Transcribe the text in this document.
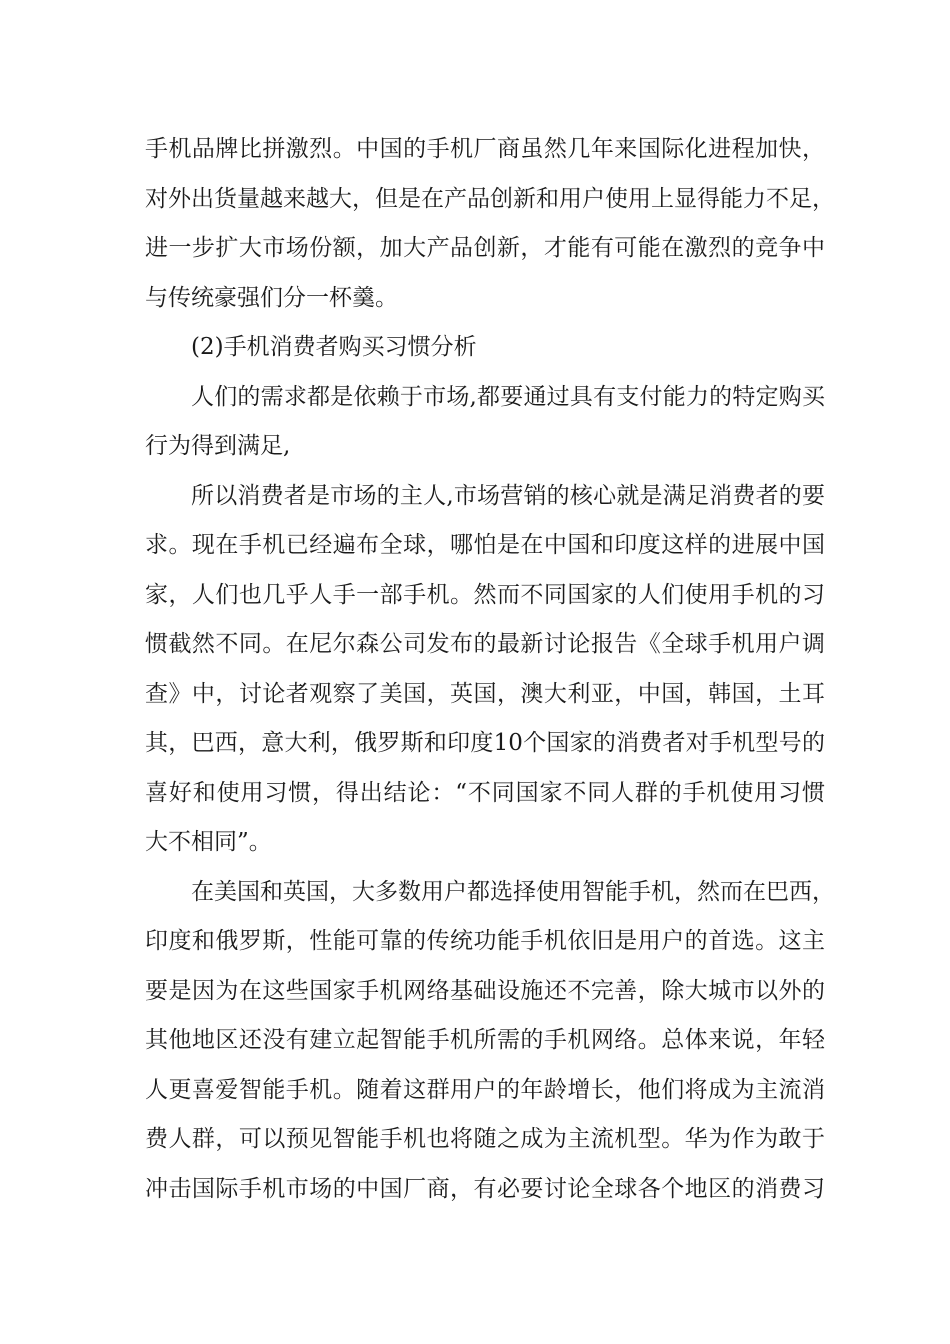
手机品牌比拼激烈。中国的手机厂商虽然几年来国际化进程加快，
对外出货量越来越大，但是在产品创新和用户使用上显得能力不足，
进一步扩大市场份额，加大产品创新，才能有可能在激烈的竞争中
与传统豪强们分一杯羹。
(2)手机消费者购买习惯分析
人们的需求都是依赖于市场,都要通过具有支付能力的特定购买
行为得到满足,
所以消费者是市场的主人,市场营销的核心就是满足消费者的要
求。现在手机已经遍布全球，哪怕是在中国和印度这样的进展中国
家，人们也几乎人手一部手机。然而不同国家的人们使用手机的习
惯截然不同。在尼尔森公司发布的最新讨论报告《全球手机用户调
查》中，讨论者观察了美国，英国，澳大利亚，中国，韩国，土耳
其，巴西，意大利，俄罗斯和印度10个国家的消费者对手机型号的
喜好和使用习惯，得出结论：“不同国家不同人群的手机使用习惯
大不相同”。
在美国和英国，大多数用户都选择使用智能手机，然而在巴西，
印度和俄罗斯，性能可靠的传统功能手机依旧是用户的首选。这主
要是因为在这些国家手机网络基础设施还不完善，除大城市以外的
其他地区还没有建立起智能手机所需的手机网络。总体来说，年轻
人更喜爱智能手机。随着这群用户的年龄增长，他们将成为主流消
费人群，可以预见智能手机也将随之成为主流机型。华为作为敢于
冲击国际手机市场的中国厂商，有必要讨论全球各个地区的消费习
